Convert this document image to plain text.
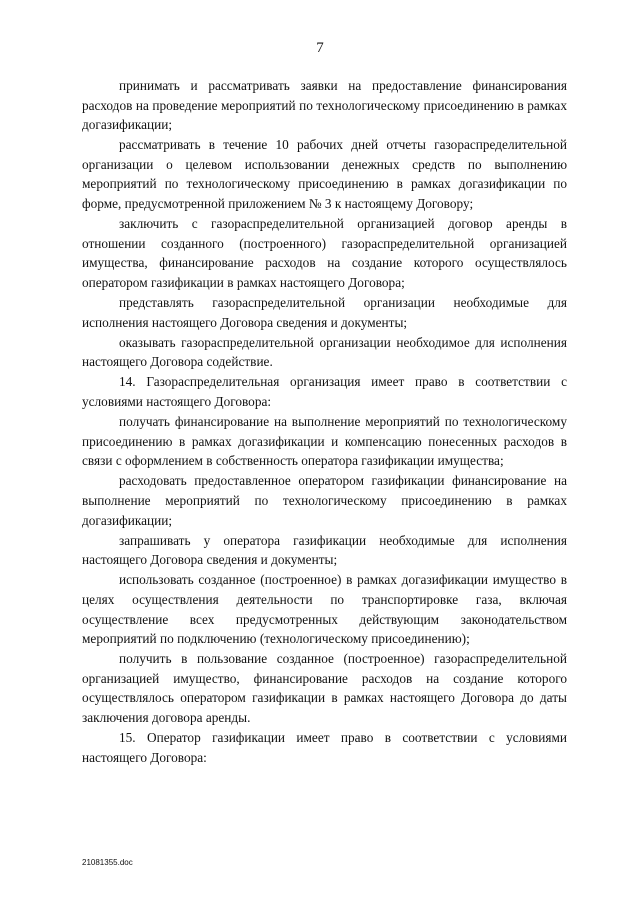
7

принимать и рассматривать заявки на предоставление финансирования расходов на проведение мероприятий по технологическому присоединению в рамках догазификации;

рассматривать в течение 10 рабочих дней отчеты газораспределительной организации о целевом использовании денежных средств по выполнению мероприятий по технологическому присоединению в рамках догазификации по форме, предусмотренной приложением № 3 к настоящему Договору;

заключить с газораспределительной организацией договор аренды в отношении созданного (построенного) газораспределительной организацией имущества, финансирование расходов на создание которого осуществлялось оператором газификации в рамках настоящего Договора;

представлять газораспределительной организации необходимые для исполнения настоящего Договора сведения и документы;

оказывать газораспределительной организации необходимое для исполнения настоящего Договора содействие.

14. Газораспределительная организация имеет право в соответствии с условиями настоящего Договора:

получать финансирование на выполнение мероприятий по технологическому присоединению в рамках догазификации и компенсацию понесенных расходов в связи с оформлением в собственность оператора газификации имущества;

расходовать предоставленное оператором газификации финансирование на выполнение мероприятий по технологическому присоединению в рамках догазификации;

запрашивать у оператора газификации необходимые для исполнения настоящего Договора сведения и документы;

использовать созданное (построенное) в рамках догазификации имущество в целях осуществления деятельности по транспортировке газа, включая осуществление всех предусмотренных действующим законодательством мероприятий по подключению (технологическому присоединению);

получить в пользование созданное (построенное) газораспределительной организацией имущество, финансирование расходов на создание которого осуществлялось оператором газификации в рамках настоящего Договора до даты заключения договора аренды.

15. Оператор газификации имеет право в соответствии с условиями настоящего Договора:

21081355.doc
